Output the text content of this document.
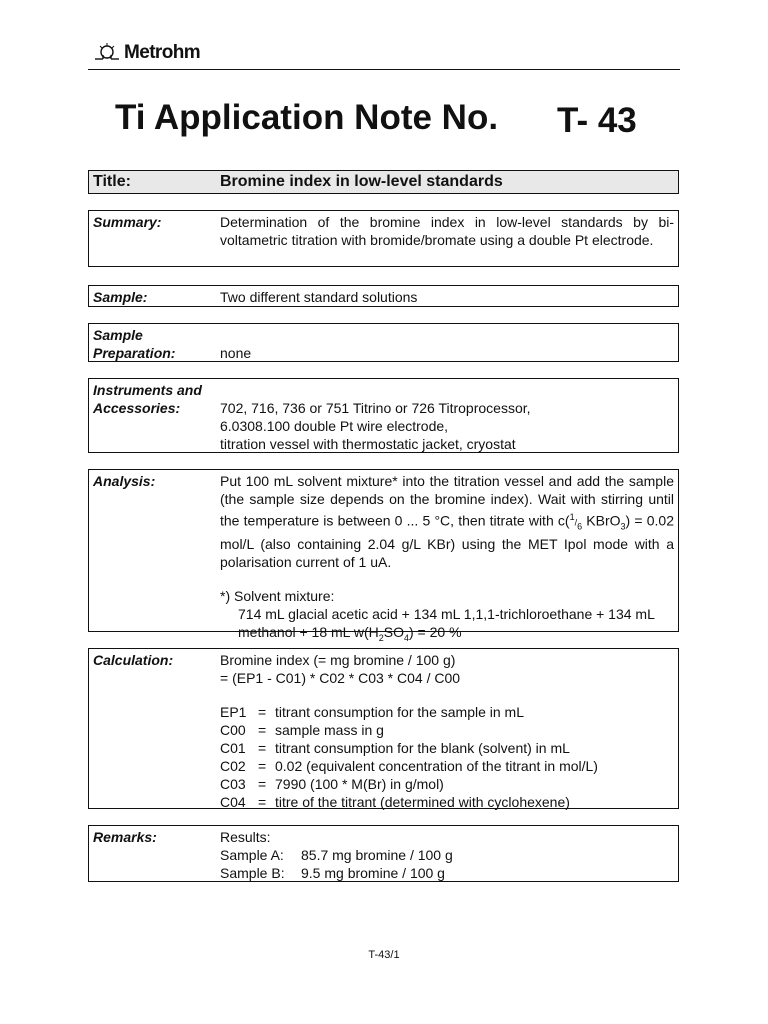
Metrohm
Ti Application Note No. T- 43
Title:	Bromine index in low-level standards
Summary:	Determination of the bromine index in low-level standards by bi-voltametric titration with bromide/bromate using a double Pt electrode.
Sample:	Two different standard solutions
Sample
Preparation:	none
Instruments and
Accessories:	702, 716, 736 or 751 Titrino or 726 Titroprocessor,
6.0308.100 double Pt wire electrode,
titration vessel with thermostatic jacket, cryostat
Analysis:	Put 100 mL solvent mixture* into the titration vessel and add the sample (the sample size depends on the bromine index). Wait with stirring until the temperature is between 0 ... 5 °C, then titrate with $c(^1/_6$ KBrO$_3$) = 0.02 mol/L (also containing 2.04 g/L KBr) using the MET Ipol mode with a polarisation current of 1 uA.

*) Solvent mixture:

714 mL glacial acetic acid + 134 mL 1,1,1-trichloroethane + 134 mL methanol + 18 mL $w(H_2SO_4) = 20$ %

Calculation:	Bromine index (= mg bromine / 100 g)
= (EP1 - C01) * C02 * C03 * C04 / C00
EP1 = titrant consumption for the sample in mL
C00 = sample mass in g
C01 = titrant consumption for the blank (solvent) in mL
C02 = 0.02 (equivalent concentration of the titrant in mol/L)
C03 = 7990 (100 * M(Br) in g/mol)
C04 = titre of the titrant (determined with cyclohexene)
Remarks:	Results:
Sample A:	85.7 mg bromine / 100 g
Sample B:	9.5 mg bromine / 100 g
T-43/1
